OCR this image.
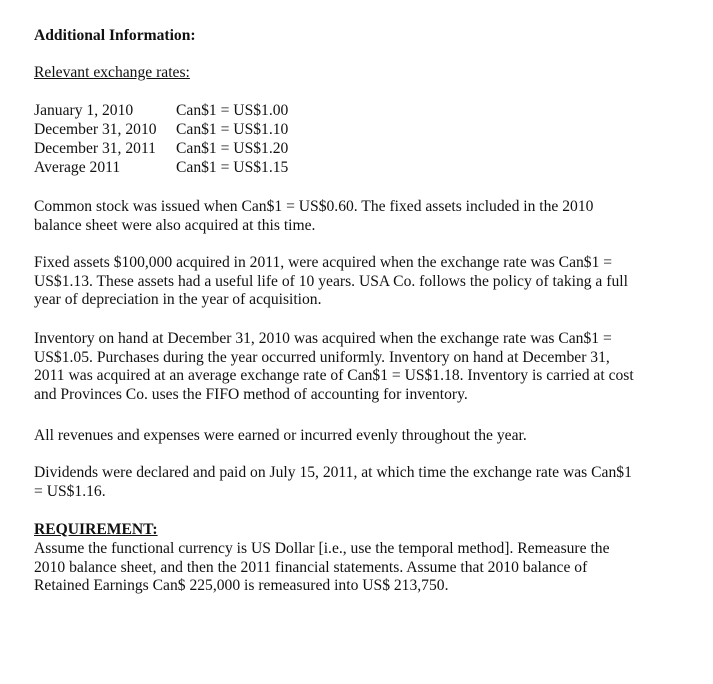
Additional Information:
Relevant exchange rates:
January 1, 2010	Can$1 = US$1.00
December 31, 2010 Can$1 = US$1.10
December 31, 2011 Can$1 = US$1.20
Average 2011	Can$1 = US$1.15
Common stock was issued when Can$1 = US$0.60. The fixed assets included in the 2010
balance sheet were also acquired at this time.
Fixed assets $100,000 acquired in 2011, were acquired when the exchange rate was Can$1 =
US$1.13. These assets had a useful life of 10 years. USA Co. follows the policy of taking a full
year of depreciation in the year of acquisition.
Inventory on hand at December 31, 2010 was acquired when the exchange rate was Can$1 =
US$1.05. Purchases during the year occurred uniformly. Inventory on hand at December 31,
2011 was acquired at an average exchange rate of Can$1 = US$1.18. Inventory is carried at cost
and Provinces Co. uses the FIFO method of accounting for inventory.
All revenues and expenses were earned or incurred evenly throughout the year.
Dividends were declared and paid on July 15, 2011, at which time the exchange rate was Can$1
= US$1.16.
REQUIREMENT:
Assume the functional currency is US Dollar [i.e., use the temporal method]. Remeasure the
2010 balance sheet, and then the 2011 financial statements. Assume that 2010 balance of
Retained Earnings Can$ 225,000 is remeasured into US$ 213,750.
